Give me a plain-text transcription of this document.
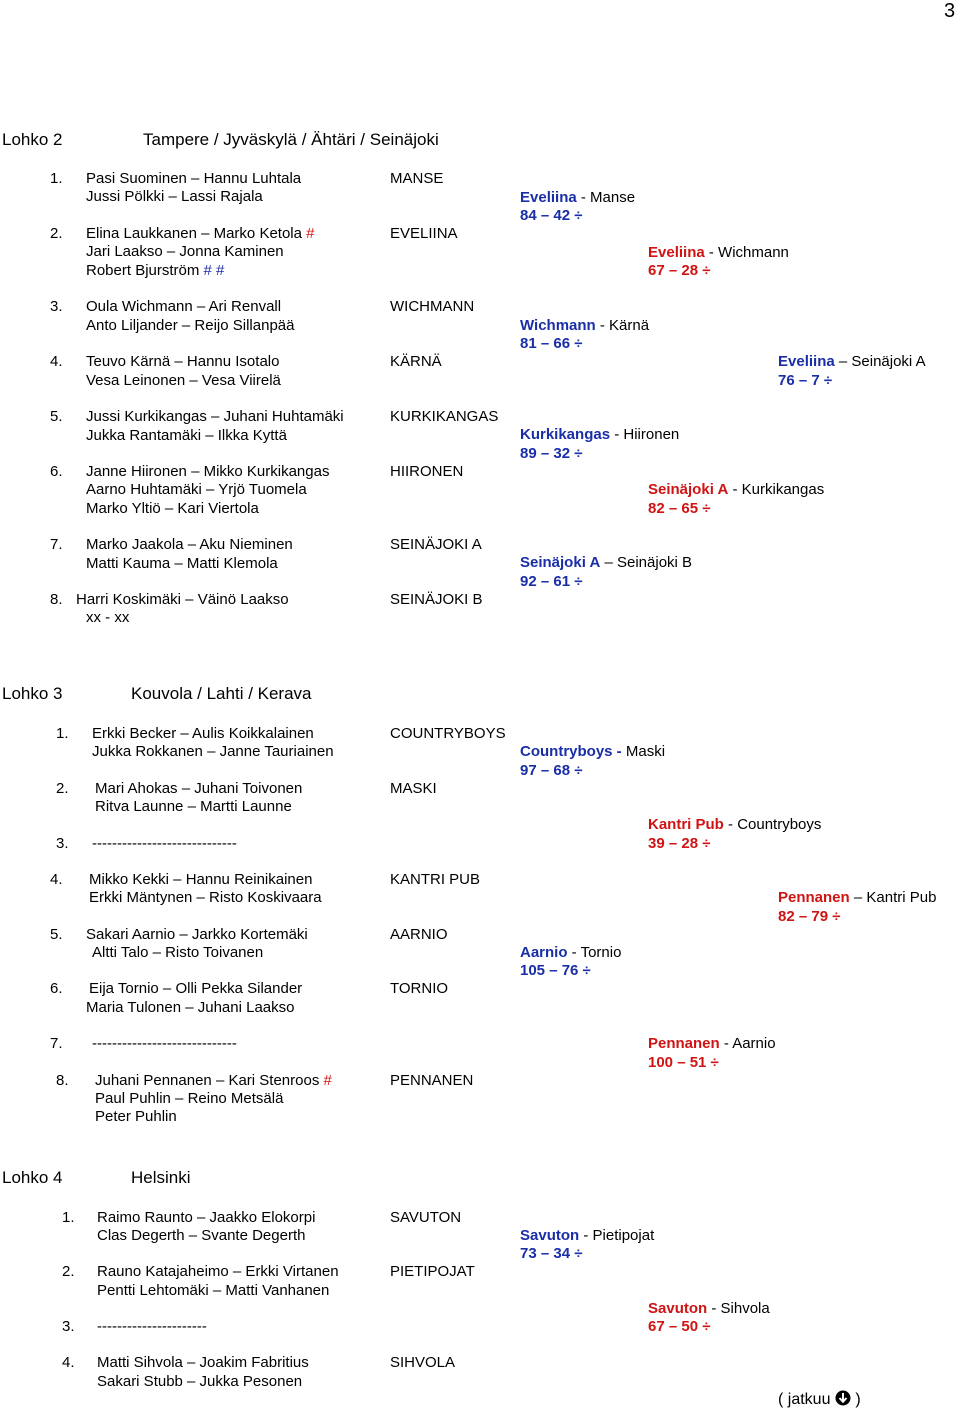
3
Lohko 2	Tampere / Jyväskylä / Ähtäri / Seinäjoki
1. Pasi Suominen – Hannu Luhtala
Jussi Pölkki – Lassi Rajala
MANSE
2. Elina Laukkanen – Marko Ketola #
Jari Laakso – Jonna Kaminen
Robert Bjurström # #
EVELIINA
3. Oula Wichmann – Ari Renvall
Anto Liljander – Reijo Sillanpää
WICHMANN
4. Teuvo Kärnä – Hannu Isotalo
Vesa Leinonen – Vesa Viirelä
KÄRNÄ
5. Jussi Kurkikangas – Juhani Huhtamäki
Jukka Rantamäki – Ilkka Kyttä
KURKIKANGAS
6. Janne Hiironen – Mikko Kurkikangas
Aarno Huhtamäki – Yrjö Tuomela
Marko Yltiö – Kari Viertola
HIIRONEN
7. Marko Jaakola – Aku Nieminen
Matti Kauma – Matti Klemola
SEINÄJOKI A
8. Harri Koskimäki – Väinö Laakso
xx - xx
SEINÄJOKI B
Eveliina - Manse
84 – 42 ÷
Eveliina - Wichmann
67 – 28 ÷
Wichmann - Kärnä
81 – 66 ÷
Eveliina – Seinäjoki A
76 – 7 ÷
Kurkikangas - Hiironen
89 – 32 ÷
Seinäjoki A - Kurkikangas
82 – 65 ÷
Seinäjoki A – Seinäjoki B
92 – 61 ÷
Lohko 3	Kouvola / Lahti / Kerava
1. Erkki Becker – Aulis Koikkalainen
Jukka Rokkanen – Janne Tauriainen
COUNTRYBOYS
2. Mari Ahokas – Juhani Toivonen
Ritva Launne – Martti Launne
MASKI
3. -----------------------------
4. Mikko Kekki – Hannu Reinikainen
Erkki Mäntynen – Risto Koskivaara
KANTRI PUB
5. Sakari Aarnio – Jarkko Kortemäki
Altti Talo – Risto Toivanen
AARNIO
6. Eija Tornio – Olli Pekka Silander
Maria Tulonen – Juhani Laakso
TORNIO
7. -----------------------------
8. Juhani Pennanen – Kari Stenroos #
Paul Puhlin – Reino Metsälä
Peter Puhlin
PENNANEN
Countryboys - Maski
97 – 68 ÷
Kantri Pub - Countryboys
39 – 28 ÷
Pennanen – Kantri Pub
82 – 79 ÷
Aarnio - Tornio
105 – 76 ÷
Pennanen - Aarnio
100 – 51 ÷
Lohko 4	Helsinki
1. Raimo Raunto – Jaakko Elokorpi
Clas Degerth – Svante Degerth
SAVUTON
2. Rauno Katajaheimo – Erkki Virtanen
Pentti Lehtomäki – Matti Vanhanen
PIETIPOJAT
3. ----------------------
4. Matti Sihvola – Joakim Fabritius
Sakari Stubb – Jukka Pesonen
SIHVOLA
Savuton - Pietipojat
73 – 34 ÷
Savuton - Sihvola
67 – 50 ÷
( jatkuu )
